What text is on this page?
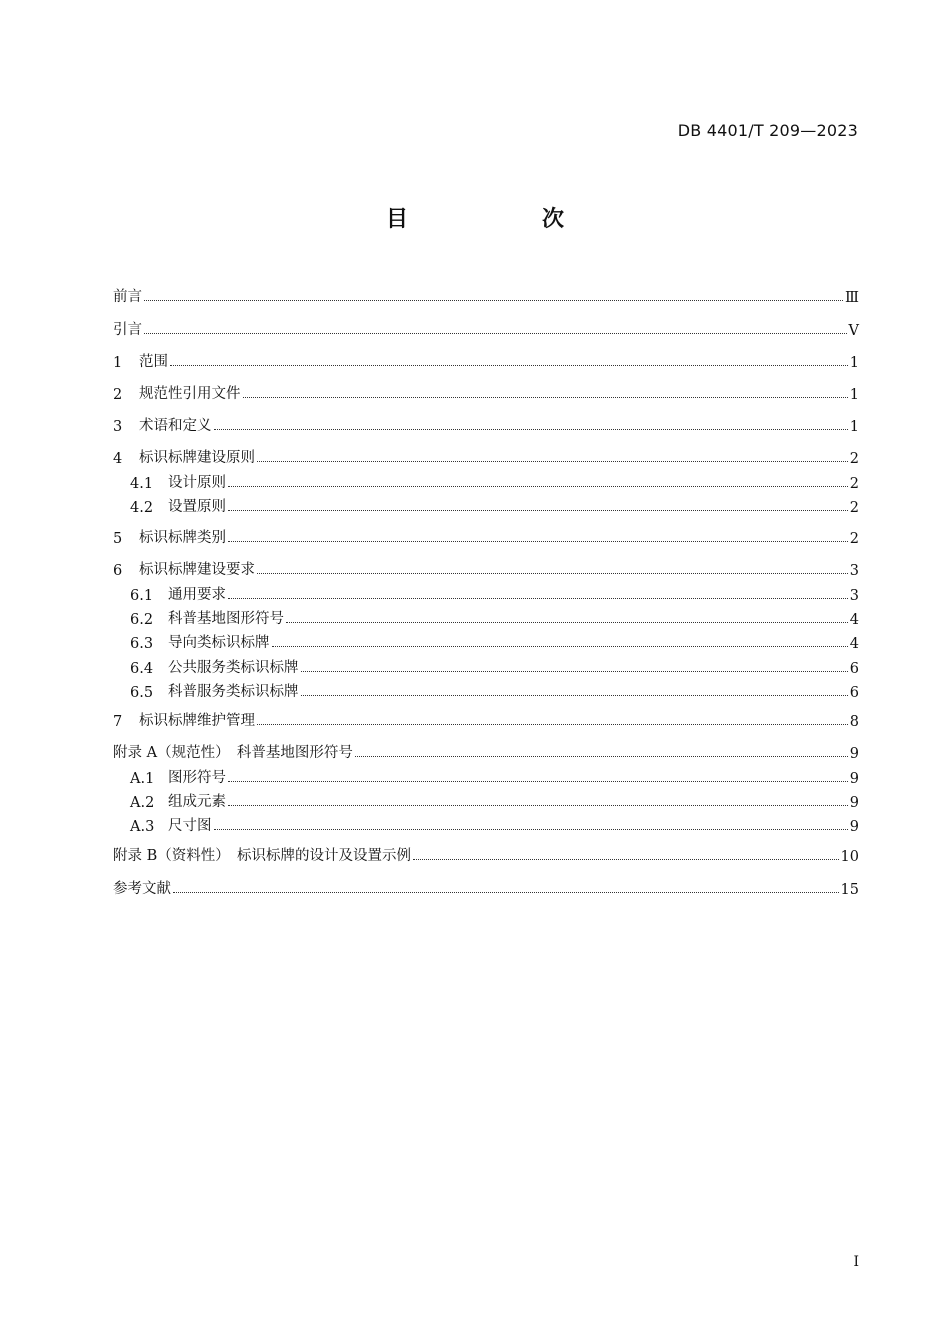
DB 4401/T 209—2023
目　次
前言	Ⅲ
引言	V
1	范围	1
2	规范性引用文件	1
3	术语和定义	1
4	标识标牌建设原则	2
4.1	设计原则	2
4.2	设置原则	2
5	标识标牌类别	2
6	标识标牌建设要求	3
6.1	通用要求	3
6.2	科普基地图形符号	4
6.3	导向类标识标牌	4
6.4	公共服务类标识标牌	6
6.5	科普服务类标识标牌	6
7	标识标牌维护管理	8
附录 A（规范性）　科普基地图形符号	9
A.1 图形符号	9
A.2 组成元素	9
A.3 尺寸图	9
附录 B（资料性）　标识标牌的设计及设置示例	10
参考文献	15
I
